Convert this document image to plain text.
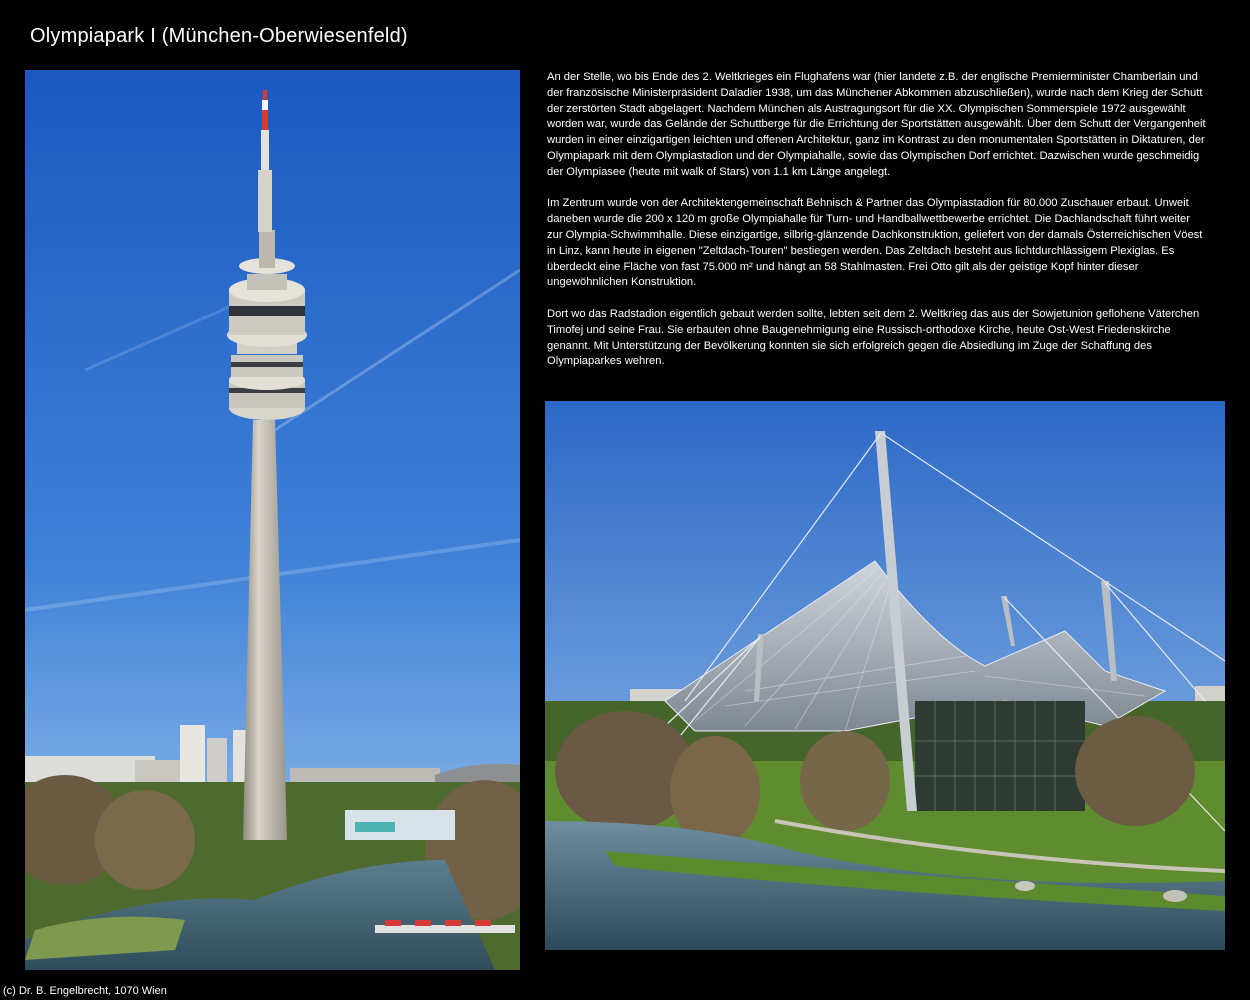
Olympiapark I (München-Oberwiesenfeld)

An der Stelle, wo bis Ende des 2. Weltkrieges ein Flughafens war (hier landete z.B. der englische Premierminister Chamberlain und der französische Ministerpräsident Daladier 1938, um das Münchener Abkommen abzuschließen), wurde nach dem Krieg der Schutt der zerstörten Stadt abgelagert. Nachdem München als Austragungsort für die XX. Olympischen Sommerspiele 1972 ausgewählt worden war, wurde das Gelände der Schuttberge für die Errichtung der Sportstätten ausgewählt. Über dem Schutt der Vergangenheit wurden in einer einzigartigen leichten und offenen Architektur, ganz im Kontrast zu den monumentalen Sportstätten in Diktaturen, der Olympiapark mit dem Olympiastadion und der Olympiahalle, sowie das Olympischen Dorf errichtet. Dazwischen wurde geschmeidig der Olympiasee (heute mit walk of Stars) von 1.1 km Länge angelegt.

Im Zentrum wurde von der Architektengemeinschaft Behnisch & Partner das Olympiastadion für 80.000 Zuschauer erbaut. Unweit daneben wurde die 200 x 120 m große Olympiahalle für Turn- und Handballwettbewerbe errichtet. Die Dachlandschaft führt weiter zur Olympia-Schwimmhalle. Diese einzigartige, silbrig-glänzende Dachkonstruktion, geliefert von der damals Österreichischen Vöest in Linz, kann heute in eigenen "Zeltdach-Touren" bestiegen werden. Das Zeltdach besteht aus lichtdurchlässigem Plexiglas. Es überdeckt eine Fläche von fast 75.000 m² und hängt an 58 Stahlmasten. Frei Otto gilt als der geistige Kopf hinter dieser ungewöhnlichen Konstruktion.

Dort wo das Radstadion eigentlich gebaut werden sollte, lebten seit dem 2. Weltkrieg das aus der Sowjetunion geflohene Väterchen Timofej und seine Frau. Sie erbauten ohne Baugenehmigung eine Russisch-orthodoxe Kirche, heute Ost-West Friedenskirche genannt. Mit Unterstützung der Bevölkerung konnten sie sich erfolgreich gegen die Absiedlung im Zuge der Schaffung des Olympiaparkes wehren.

(c) Dr. B. Engelbrecht, 1070 Wien
